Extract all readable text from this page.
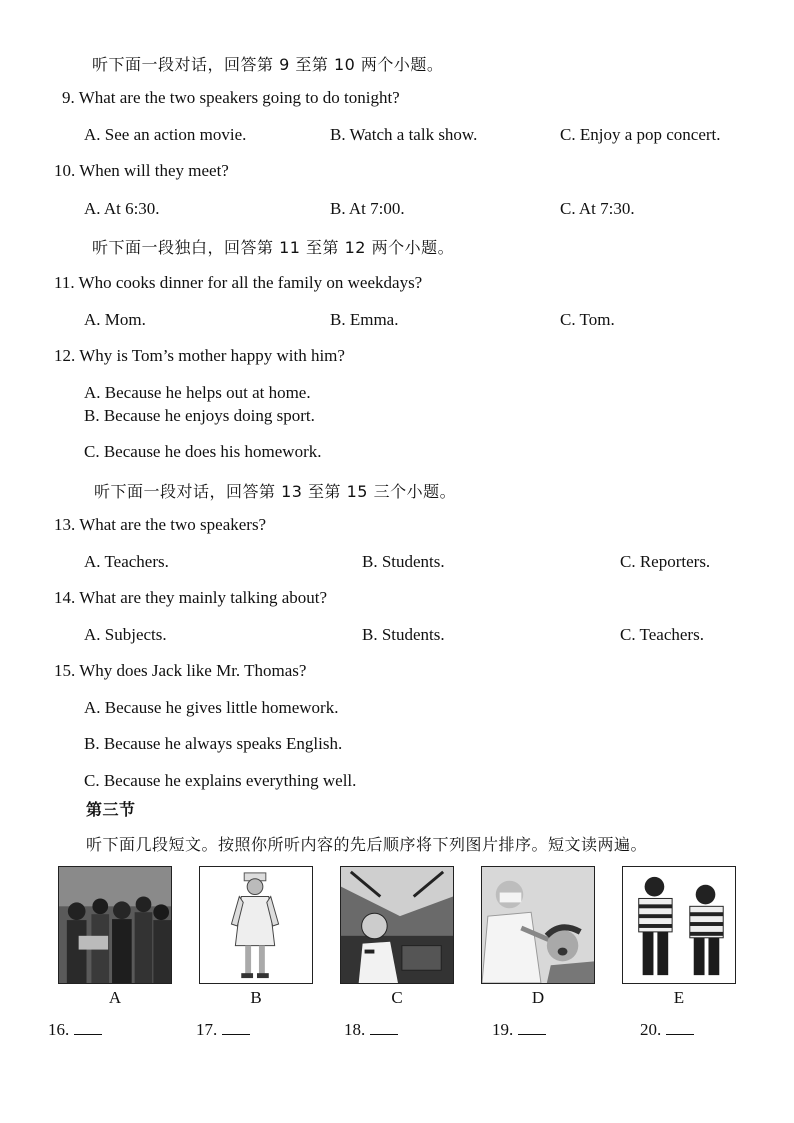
听下面一段对话，回答第 9 至第 10 两个小题。
9. What are the two speakers going to do tonight?
A. See an action movie.	B. Watch a talk show.	C. Enjoy a pop concert.
10. When will they meet?
A. At 6:30.	B. At 7:00.	C. At 7:30.
听下面一段独白，回答第 11 至第 12 两个小题。
11. Who cooks dinner for all the family on weekdays?
A. Mom.	B. Emma.	C. Tom.
12. Why is Tom’s mother happy with him?
A. Because he helps out at home.
B. Because he enjoys doing sport.
C. Because he does his homework.
听下面一段对话，回答第 13 至第 15 三个小题。
13. What are the two speakers?
A. Teachers.	B. Students.	C. Reporters.
14. What are they mainly talking about?
A. Subjects.	B. Students.	C. Teachers.
15. Why does Jack like Mr. Thomas?
A. Because he gives little homework.
B. Because he always speaks English.
C. Because he explains everything well.
第三节
听下面几段短文。按照你所听内容的先后顺序将下列图片排序。短文读两遍。
A	B	C	D	E
16.	17.	18.	19.	20.
